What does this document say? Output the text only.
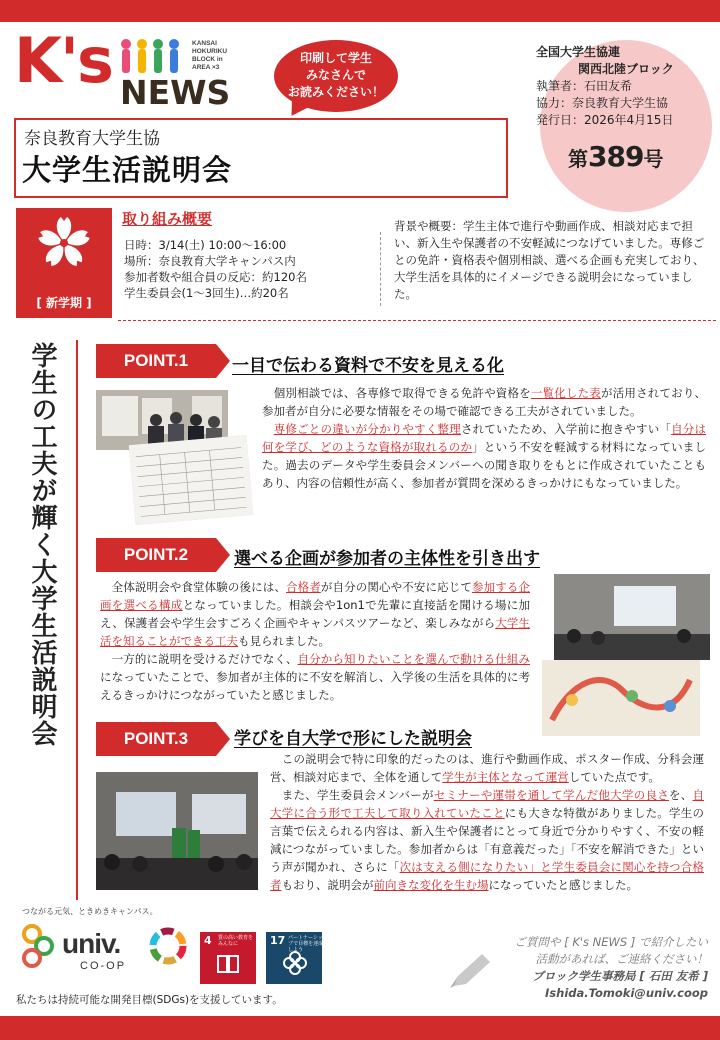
K's	KANSAI HOKURIKU BLOCK in AREA ×3
NEWS
印刷して学生
みなさんで
お読みください！
全国大学生協連
関西北陸ブロック
執筆者：石田友希
協力：奈良教育大学生協
発行日：2026年4月15日
第389号
奈良教育大学生協
大学生活説明会
[ 新学期 ]
取り組み概要
日時：3/14(土) 10:00〜16:00
場所：奈良教育大学キャンパス内
参加者数や組合員の反応：約120名
学生委員会(1〜3回生)…約20名
背景や概要：学生主体で進行や動画作成、相談対応まで担い、新入生や保護者の不安軽減につなげていました。専修ごとの免許・資格表や個別相談、選べる企画も充実しており、大学生活を具体的にイメージできる説明会になっていました。
学生の工夫が輝く大学生活説明会	POINT.1	一目で伝わる資料で不安を見える化
　個別相談では、各専修で取得できる免許や資格を一覧化した表が活用されており、参加者が自分に必要な情報をその場で確認できる工夫がされていました。
　専修ごとの違いが分かりやすく整理されていたため、入学前に抱きやすい「自分は何を学び、どのような資格が取れるのか」という不安を軽減する材料になっていました。過去のデータや学生委員会メンバーへの聞き取りをもとに作成されていたこともあり、内容の信頼性が高く、参加者が質問を深めるきっかけにもなっていました。
POINT.2	選べる企画が参加者の主体性を引き出す
　全体説明会や食堂体験の後には、合格者が自分の関心や不安に応じて参加する企画を選べる構成となっていました。相談会や1on1で先輩に直接話を聞ける場に加え、保護者会や学生会すごろく企画やキャンパスツアーなど、楽しみながら大学生活を知ることができる工夫も見られました。
　一方的に説明を受けるだけでなく、自分から知りたいことを選んで動ける仕組みになっていたことで、参加者が主体的に不安を解消し、入学後の生活を具体的に考えるきっかけにつながっていたと感じました。
POINT.3	学びを自大学で形にした説明会
　この説明会で特に印象的だったのは、進行や動画作成、ポスター作成、分科会運営、相談対応まで、全体を通して学生が主体となって運営していた点です。
　また、学生委員会メンバーがセミナーや運帯を通して学んだ他大学の良さを、自大学に合う形で工夫して取り入れていたことにも大きな特徴がありました。学生の言葉で伝えられる内容は、新入生や保護者にとって身近で分かりやすく、不安の軽減につながっていました。参加者からは「有意義だった」「不安を解消できた」という声が聞かれ、さらに「次は支える側になりたい」と学生委員会に関心を持つ合格者もおり、説明会が前向きな変化を生む場になっていたと感じました。
つながる元気、ときめきキャンパス。
univ.
CO-OP
4 質の高い教育をみんなに	17 パートナーシップで目標を達成しよう
私たちは持続可能な開発目標(SDGs)を支援しています。
ご質問や [ K's NEWS ] で紹介したい
活動があれば、ご連絡ください！
ブロック学生事務局 [ 石田 友希 ]
Ishida.Tomoki@univ.coop
